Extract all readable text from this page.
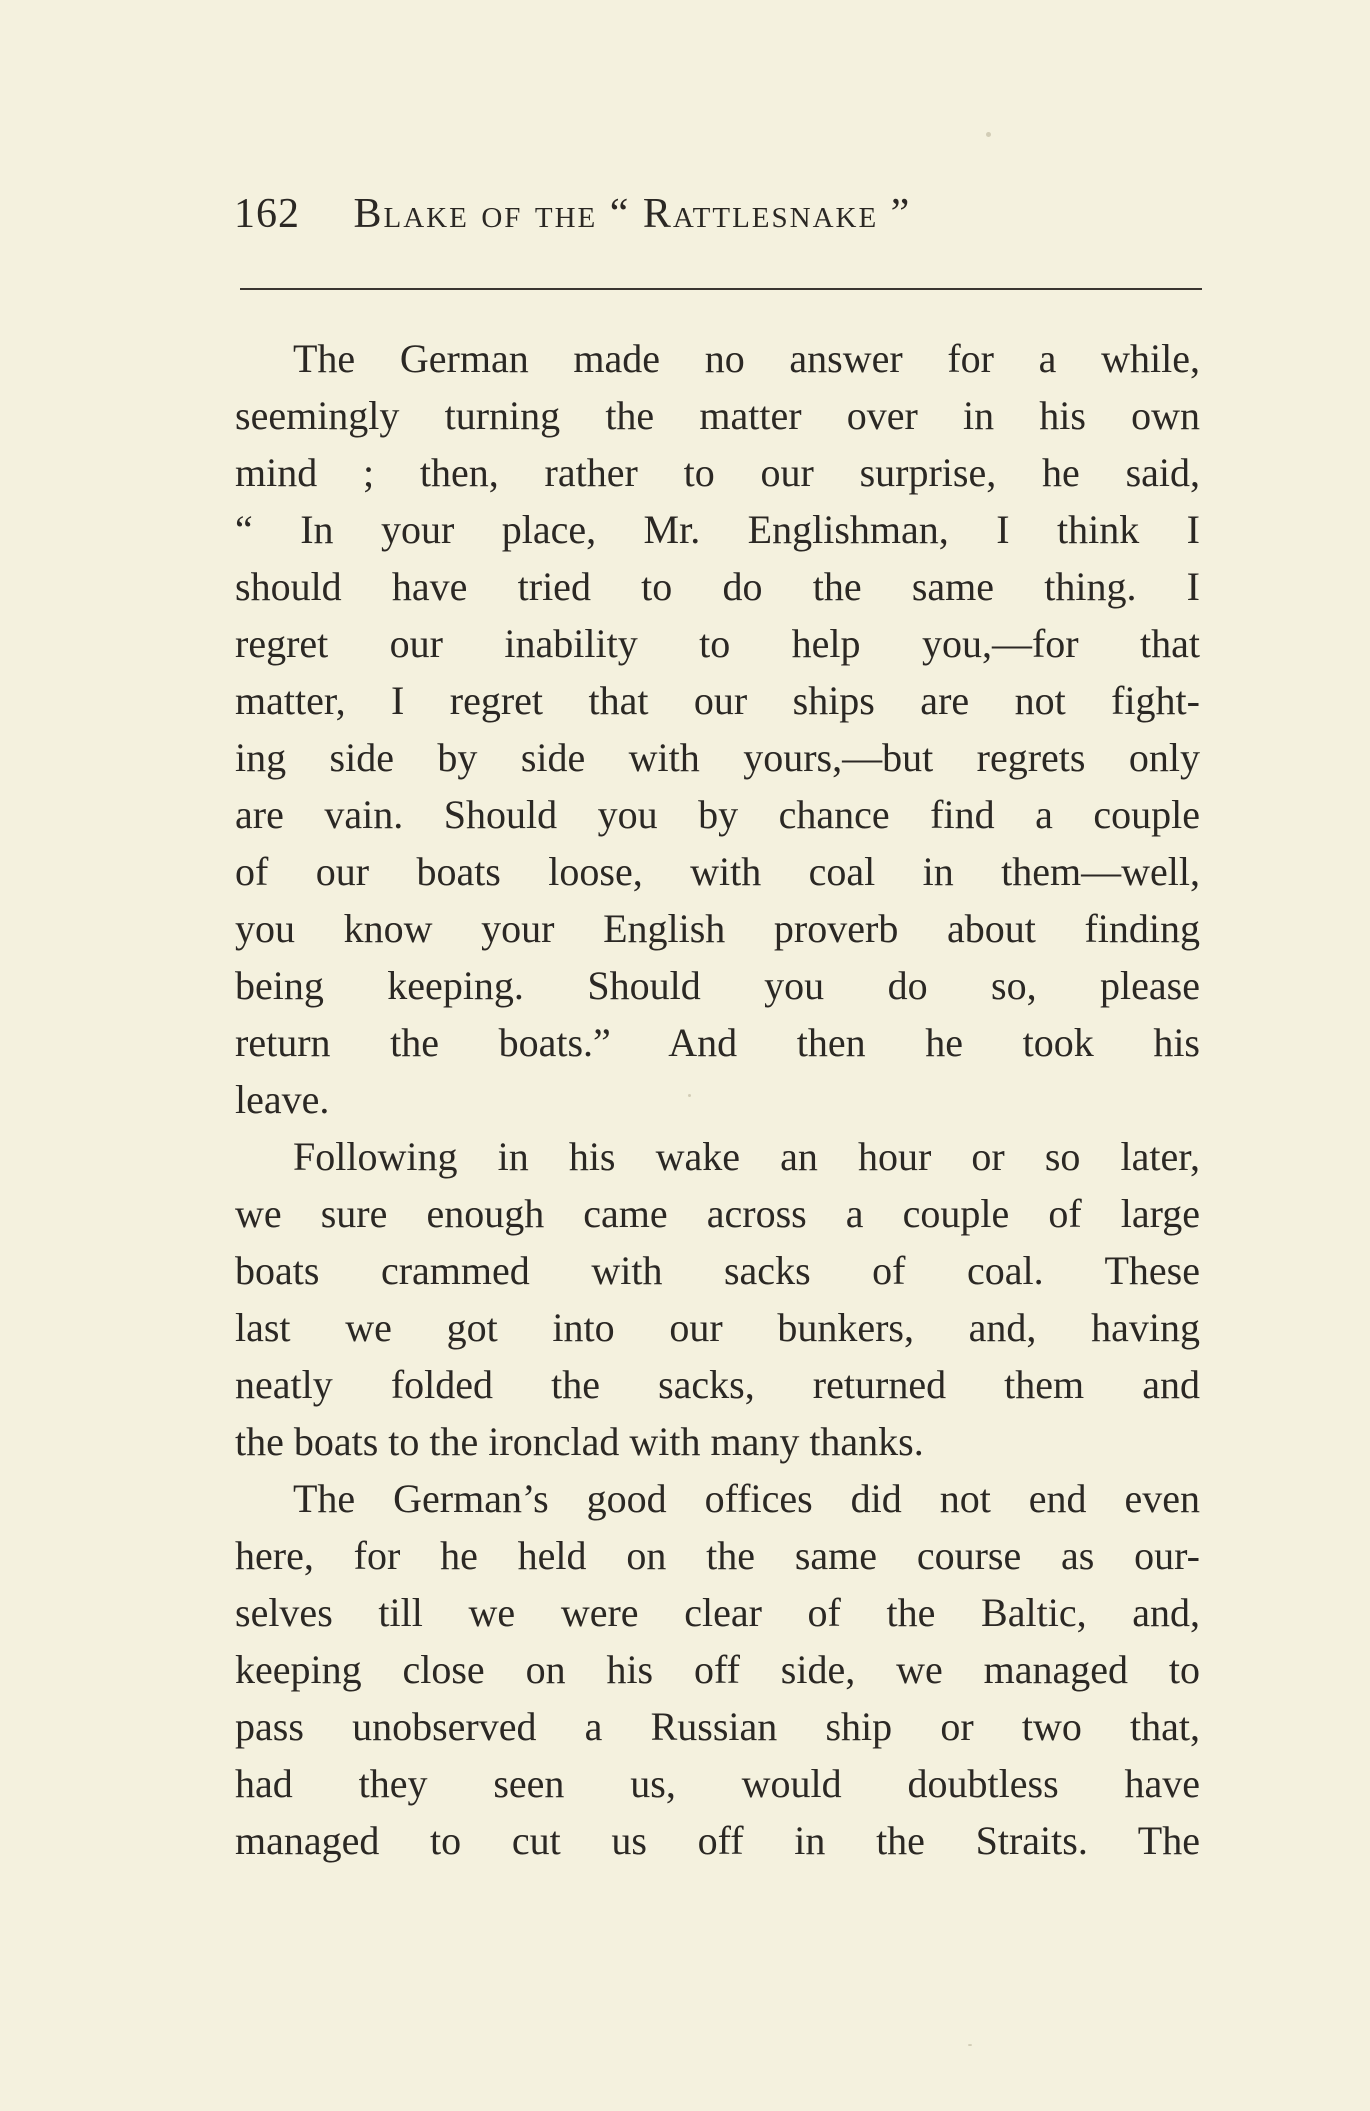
162 Blake of the “ Rattlesnake ”
The German made no answer for a while,
seemingly turning the matter over in his own
mind ; then, rather to our surprise, he said,
“ In your place, Mr. Englishman, I think I
should have tried to do the same thing. I
regret our inability to help you,—for that
matter, I regret that our ships are not fight-
ing side by side with yours,—but regrets only
are vain. Should you by chance find a couple
of our boats loose, with coal in them—well,
you know your English proverb about finding
being keeping. Should you do so, please
return the boats.” And then he took his
leave.
Following in his wake an hour or so later,
we sure enough came across a couple of large
boats crammed with sacks of coal. These
last we got into our bunkers, and, having
neatly folded the sacks, returned them and
the boats to the ironclad with many thanks.
The German’s good offices did not end even
here, for he held on the same course as our-
selves till we were clear of the Baltic, and,
keeping close on his off side, we managed to
pass unobserved a Russian ship or two that,
had they seen us, would doubtless have
managed to cut us off in the Straits. The
